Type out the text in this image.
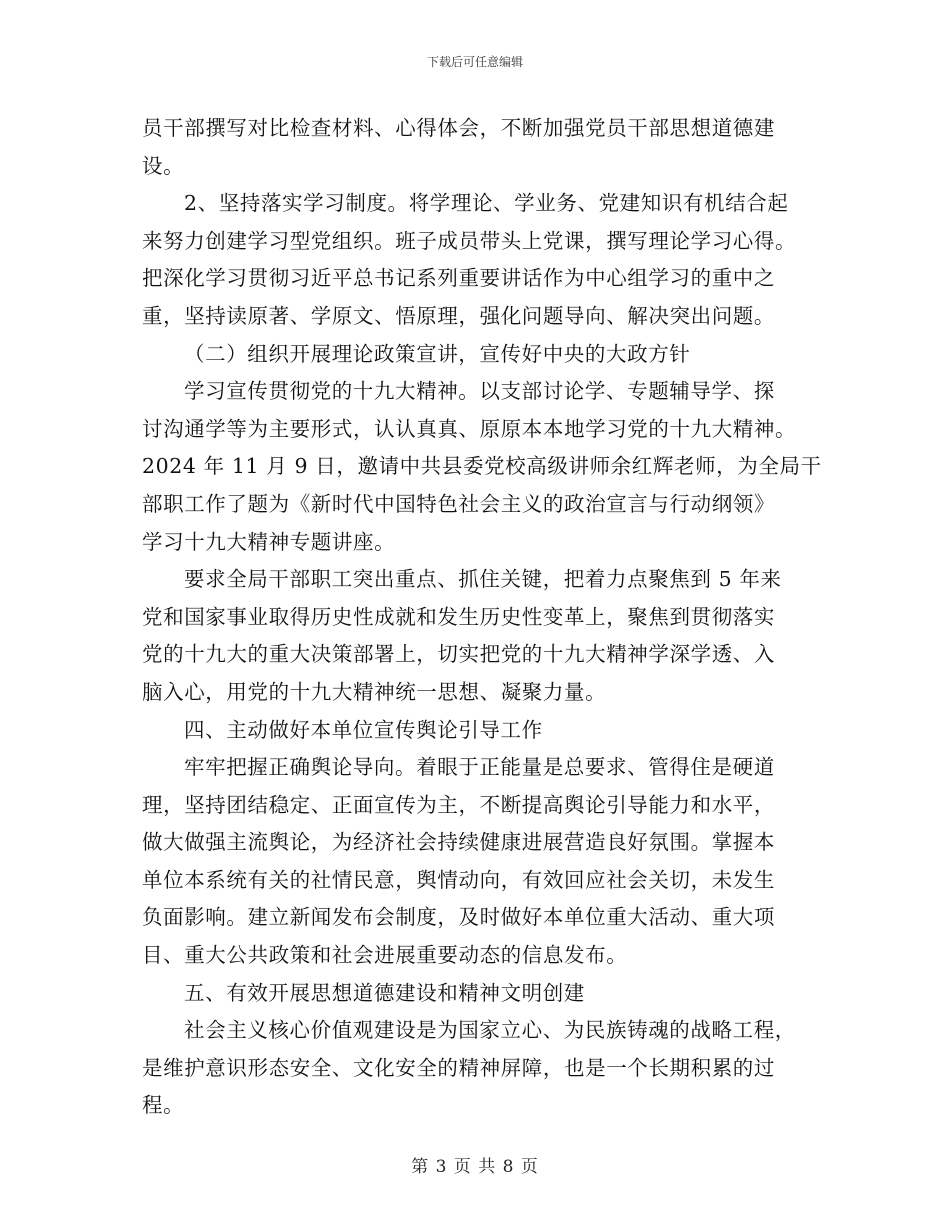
下载后可任意编辑
员干部撰写对比检查材料、心得体会，不断加强党员干部思想道德建
设。
2、坚持落实学习制度。将学理论、学业务、党建知识有机结合起
来努力创建学习型党组织。班子成员带头上党课，撰写理论学习心得。
把深化学习贯彻习近平总书记系列重要讲话作为中心组学习的重中之
重，坚持读原著、学原文、悟原理，强化问题导向、解决突出问题。
（二）组织开展理论政策宣讲，宣传好中央的大政方针
学习宣传贯彻党的十九大精神。以支部讨论学、专题辅导学、探
讨沟通学等为主要形式，认认真真、原原本本地学习党的十九大精神。
2024 年 11 月 9 日，邀请中共县委党校高级讲师余红辉老师，为全局干
部职工作了题为《新时代中国特色社会主义的政治宣言与行动纲领》
学习十九大精神专题讲座。
要求全局干部职工突出重点、抓住关键，把着力点聚焦到 5 年来
党和国家事业取得历史性成就和发生历史性变革上，聚焦到贯彻落实
党的十九大的重大决策部署上，切实把党的十九大精神学深学透、入
脑入心，用党的十九大精神统一思想、凝聚力量。
四、主动做好本单位宣传舆论引导工作
牢牢把握正确舆论导向。着眼于正能量是总要求、管得住是硬道
理，坚持团结稳定、正面宣传为主，不断提高舆论引导能力和水平，
做大做强主流舆论，为经济社会持续健康进展营造良好氛围。掌握本
单位本系统有关的社情民意，舆情动向，有效回应社会关切，未发生
负面影响。建立新闻发布会制度，及时做好本单位重大活动、重大项
目、重大公共政策和社会进展重要动态的信息发布。
五、有效开展思想道德建设和精神文明创建
社会主义核心价值观建设是为国家立心、为民族铸魂的战略工程，
是维护意识形态安全、文化安全的精神屏障，也是一个长期积累的过
程。
第 3 页 共 8 页
